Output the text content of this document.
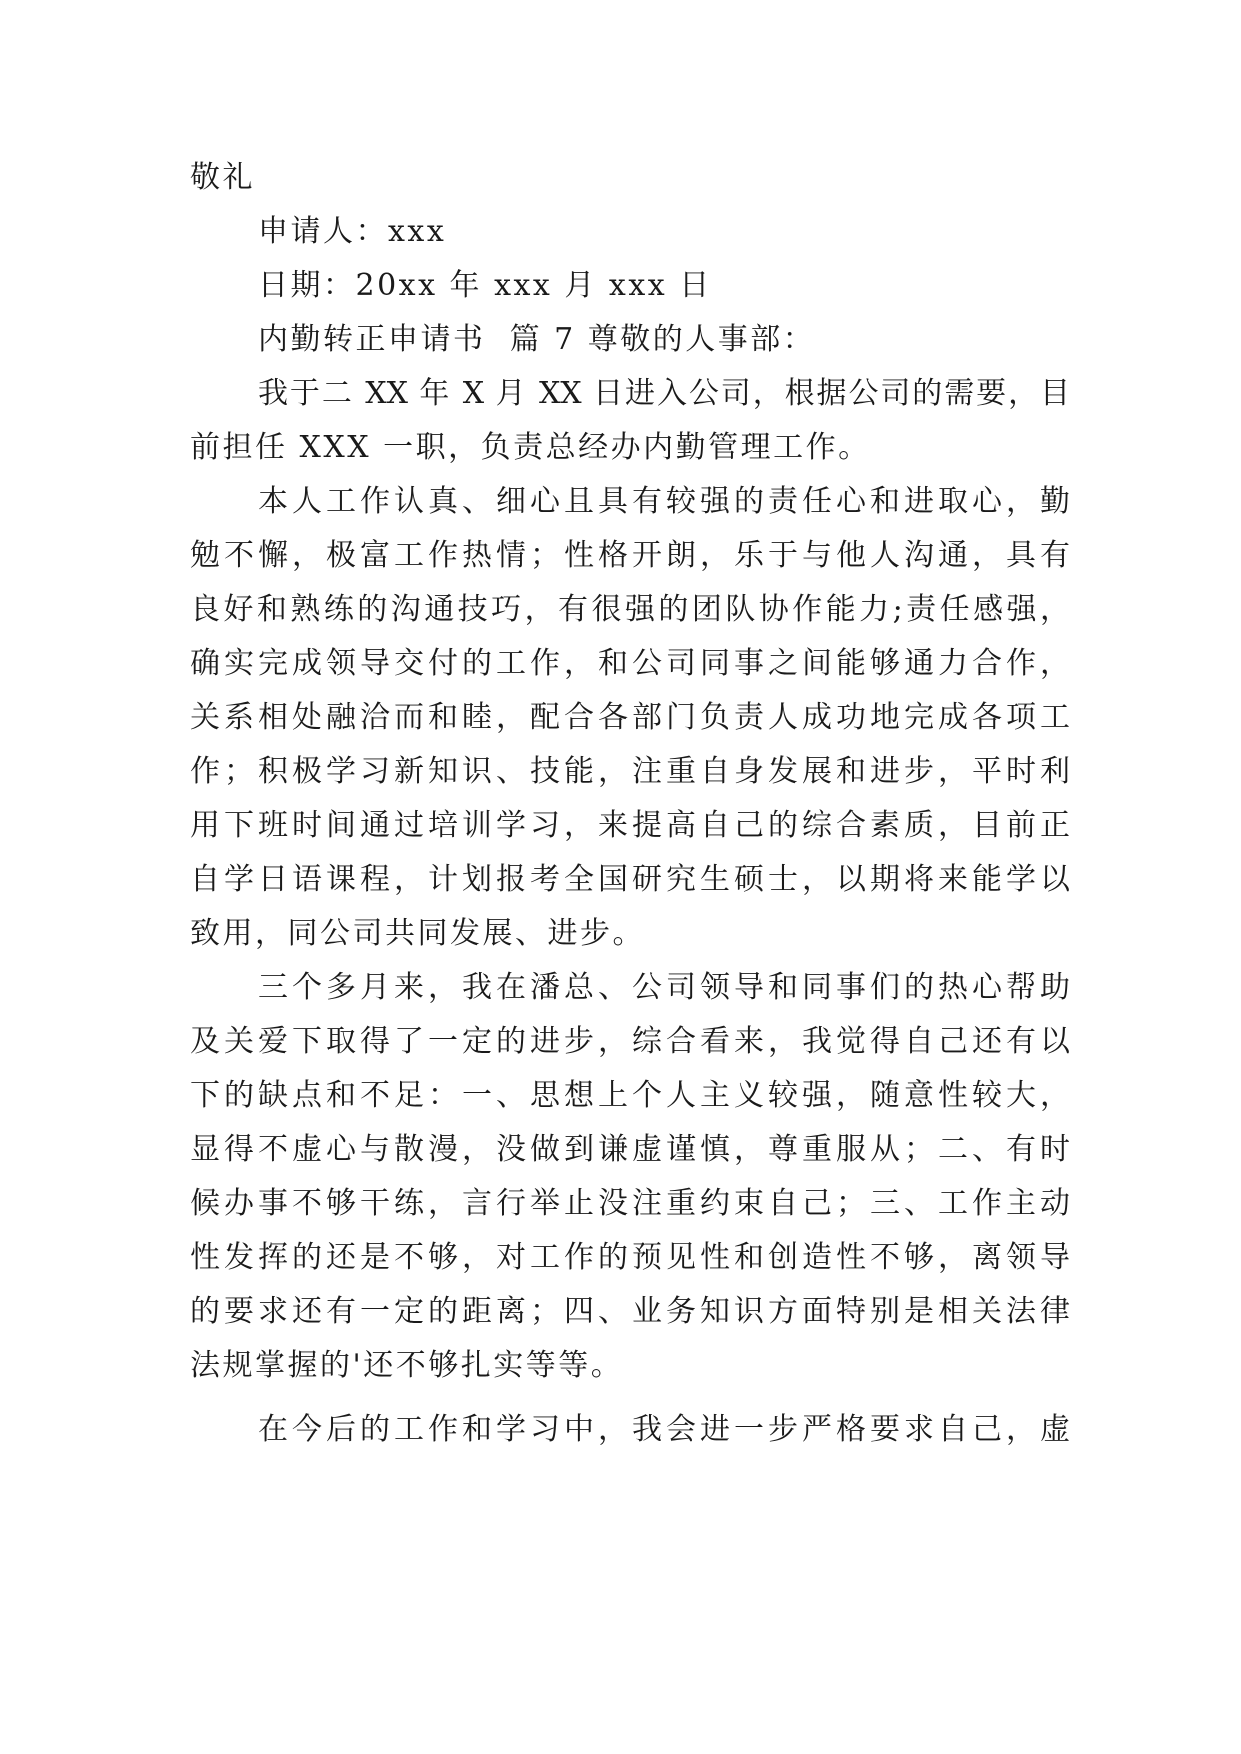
敬礼
申请人：xxx
日期：20xx 年 xxx 月 xxx 日
内勤转正申请书  篇 7 尊敬的人事部：
我于二 XX 年 X 月 XX 日进入公司，根据公司的需要，目
前担任 XXX 一职，负责总经办内勤管理工作。
本人工作认真、细心且具有较强的责任心和进取心，勤
勉不懈，极富工作热情；性格开朗，乐于与他人沟通，具有
良好和熟练的沟通技巧，有很强的团队协作能力;责任感强，
确实完成领导交付的工作，和公司同事之间能够通力合作，
关系相处融洽而和睦，配合各部门负责人成功地完成各项工
作；积极学习新知识、技能，注重自身发展和进步，平时利
用下班时间通过培训学习，来提高自己的综合素质，目前正
自学日语课程，计划报考全国研究生硕士，以期将来能学以
致用，同公司共同发展、进步。
三个多月来，我在潘总、公司领导和同事们的热心帮助
及关爱下取得了一定的进步，综合看来，我觉得自己还有以
下的缺点和不足：一、思想上个人主义较强，随意性较大，
显得不虚心与散漫，没做到谦虚谨慎，尊重服从；二、有时
候办事不够干练，言行举止没注重约束自己；三、工作主动
性发挥的还是不够，对工作的预见性和创造性不够，离领导
的要求还有一定的距离；四、业务知识方面特别是相关法律
法规掌握的'还不够扎实等等。
在今后的工作和学习中，我会进一步严格要求自己，虚
